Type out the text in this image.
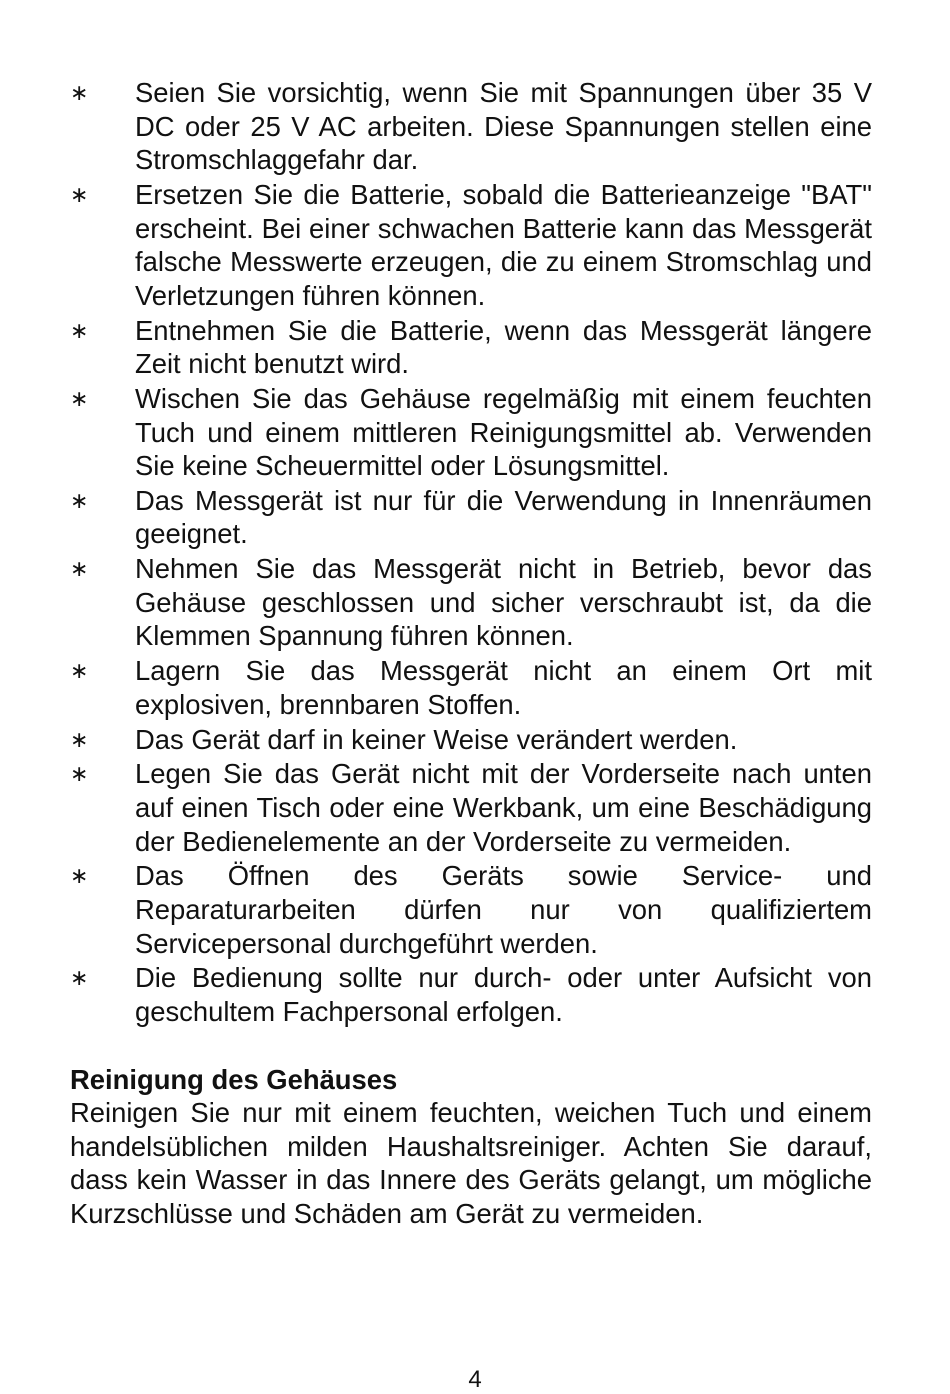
∗ Seien Sie vorsichtig, wenn Sie mit Spannungen über 35 V DC oder 25 V AC arbeiten. Diese Spannungen stellen eine Stromschlaggefahr dar.
∗ Ersetzen Sie die Batterie, sobald die Batterieanzeige "BAT" erscheint. Bei einer schwachen Batterie kann das Messgerät falsche Messwerte erzeugen, die zu einem Stromschlag und Verletzungen führen können.
∗ Entnehmen Sie die Batterie, wenn das Messgerät längere Zeit nicht benutzt wird.
∗ Wischen Sie das Gehäuse regelmäßig mit einem feuchten Tuch und einem mittleren Reinigungsmittel ab. Verwenden Sie keine Scheuermittel oder Lösungsmittel.
∗ Das Messgerät ist nur für die Verwendung in Innenräumen geeignet.
∗ Nehmen Sie das Messgerät nicht in Betrieb, bevor das Gehäuse geschlossen und sicher verschraubt ist, da die Klemmen Spannung führen können.
∗ Lagern Sie das Messgerät nicht an einem Ort mit explosiven, brennbaren Stoffen.
∗ Das Gerät darf in keiner Weise verändert werden.
∗ Legen Sie das Gerät nicht mit der Vorderseite nach unten auf einen Tisch oder eine Werkbank, um eine Beschädigung der Bedienelemente an der Vorderseite zu vermeiden.
∗ Das Öffnen des Geräts sowie Service- und Reparaturarbeiten dürfen nur von qualifiziertem Servicepersonal durchgeführt werden.
∗ Die Bedienung sollte nur durch- oder unter Aufsicht von geschultem Fachpersonal erfolgen.
Reinigung des Gehäuses

Reinigen Sie nur mit einem feuchten, weichen Tuch und einem handelsüblichen milden Haushaltsreiniger. Achten Sie darauf, dass kein Wasser in das Innere des Geräts gelangt, um mögliche Kurzschlüsse und Schäden am Gerät zu vermeiden.

4
